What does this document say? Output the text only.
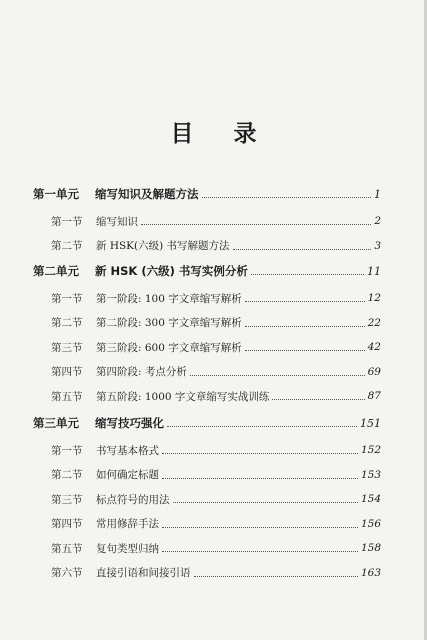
目 录
第一单元 缩写知识及解题方法	1
第一节 缩写知识	2
第二节 新 HSK(六级) 书写解题方法	3
第二单元 新 HSK (六级) 书写实例分析	11
第一节 第一阶段: 100 字文章缩写解析	12
第二节 第二阶段: 300 字文章缩写解析	22
第三节 第三阶段: 600 字文章缩写解析	42
第四节 第四阶段: 考点分析	69
第五节 第五阶段: 1000 字文章缩写实战训练	87
第三单元 缩写技巧强化	151
第一节 书写基本格式	152
第二节 如何确定标题	153
第三节 标点符号的用法	154
第四节 常用修辞手法	156
第五节 复句类型归纳	158
第六节 直接引语和间接引语	163
